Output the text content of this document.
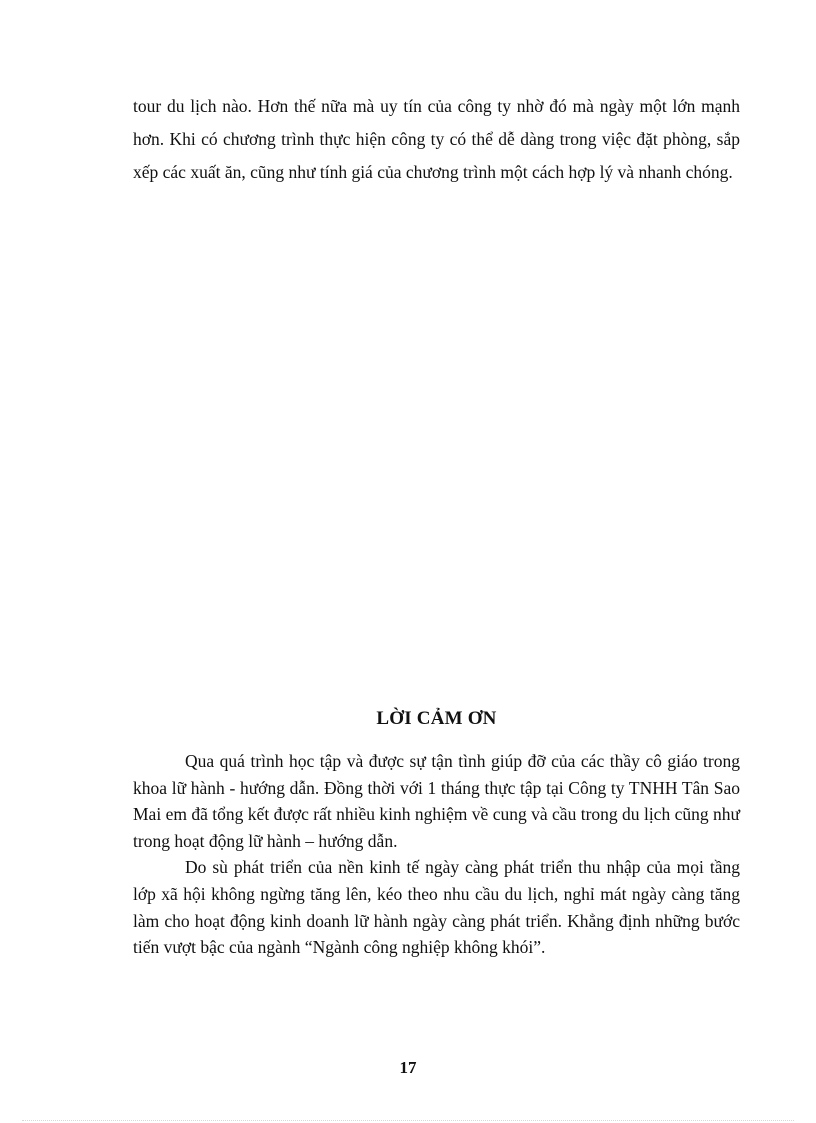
tour du lịch nào. Hơn thế nữa mà uy tín của công ty nhờ đó mà ngày một lớn mạnh hơn. Khi có chương trình thực hiện công ty có thể dễ dàng trong việc đặt phòng, sắp xếp các xuất ăn, cũng như tính giá của chương trình một cách hợp lý và nhanh chóng.

LỜI CẢM ƠN

Qua quá trình học tập và được sự tận tình giúp đỡ của các thầy cô giáo trong khoa lữ hành - hướng dẫn. Đồng thời với 1 tháng thực tập tại Công ty TNHH Tân Sao Mai em đã tổng kết được rất nhiều kinh nghiệm về cung và cầu trong du lịch cũng như trong hoạt động lữ hành – hướng dẫn.

Do sù phát triển của nền kinh tế ngày càng phát triển thu nhập của mọi tầng lớp xã hội không ngừng tăng lên, kéo theo nhu cầu du lịch, nghỉ mát ngày càng tăng làm cho hoạt động kinh doanh lữ hành ngày càng phát triển. Khẳng định những bước tiến vượt bậc của ngành “Ngành công nghiệp không khói”.

17
